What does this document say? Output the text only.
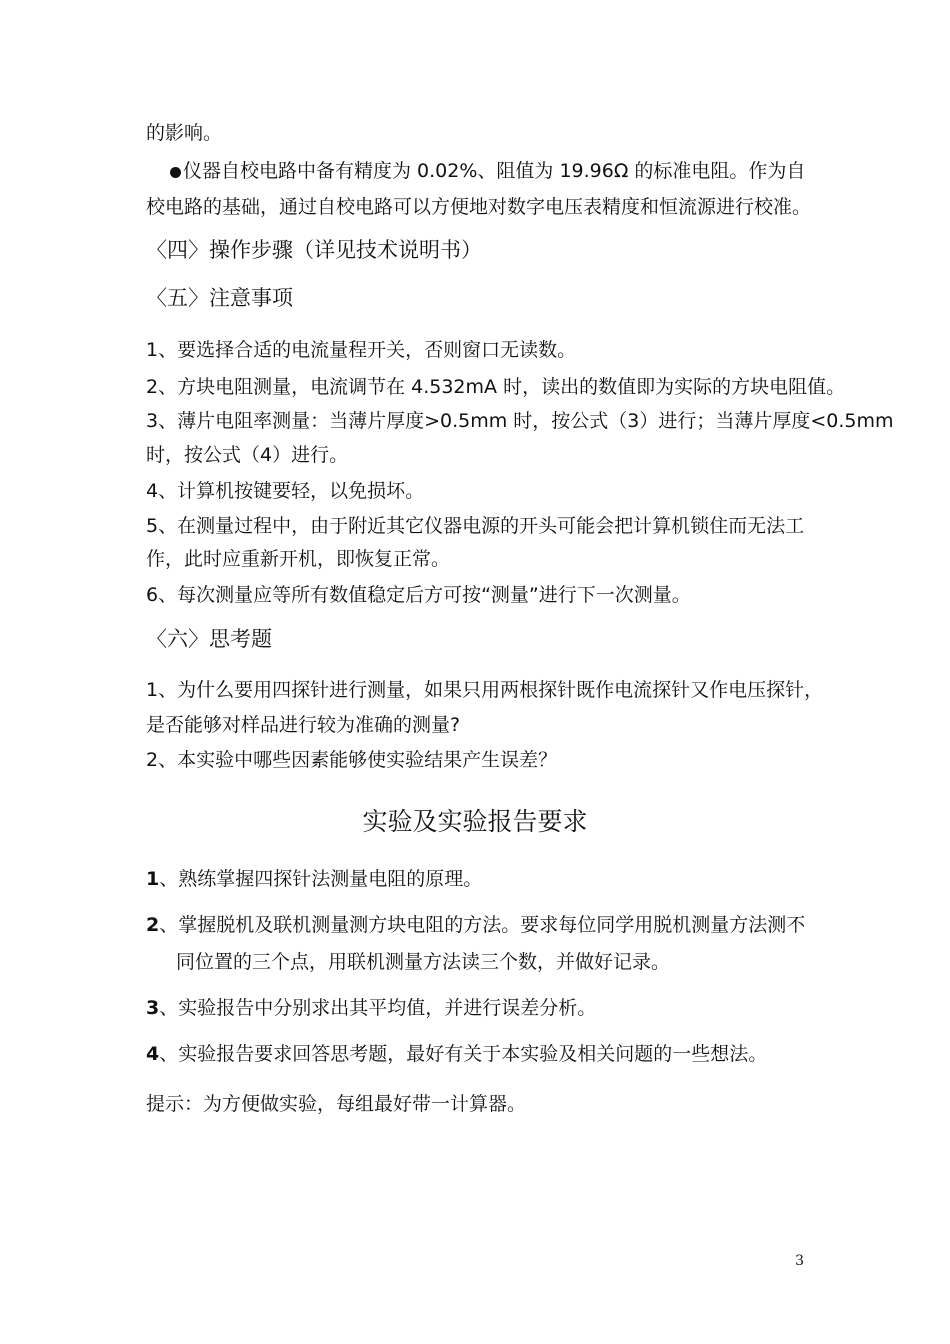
的影响。
仪器自校电路中备有精度为 0.02%、阻值为 19.96Ω 的标准电阻。作为自
校电路的基础，通过自校电路可以方便地对数字电压表精度和恒流源进行校准。
〈四〉操作步骤（详见技术说明书）
〈五〉注意事项
1、要选择合适的电流量程开关，否则窗口无读数。
2、方块电阻测量，电流调节在 4.532mA 时，读出的数值即为实际的方块电阻值。
3、薄片电阻率测量：当薄片厚度>0.5mm 时，按公式（3）进行；当薄片厚度<0.5mm
时，按公式（4）进行。
4、计算机按键要轻，以免损坏。
5、在测量过程中，由于附近其它仪器电源的开头可能会把计算机锁住而无法工
作，此时应重新开机，即恢复正常。
6、每次测量应等所有数值稳定后方可按“测量”进行下一次测量。
〈六〉思考题
1、为什么要用四探针进行测量，如果只用两根探针既作电流探针又作电压探针，
是否能够对样品进行较为准确的测量?
2、本实验中哪些因素能够使实验结果产生误差？
实验及实验报告要求
1、熟练掌握四探针法测量电阻的原理。
2、掌握脱机及联机测量测方块电阻的方法。要求每位同学用脱机测量方法测不
同位置的三个点，用联机测量方法读三个数，并做好记录。
3、实验报告中分别求出其平均值，并进行误差分析。
4、实验报告要求回答思考题，最好有关于本实验及相关问题的一些想法。
提示：为方便做实验，每组最好带一计算器。
3
